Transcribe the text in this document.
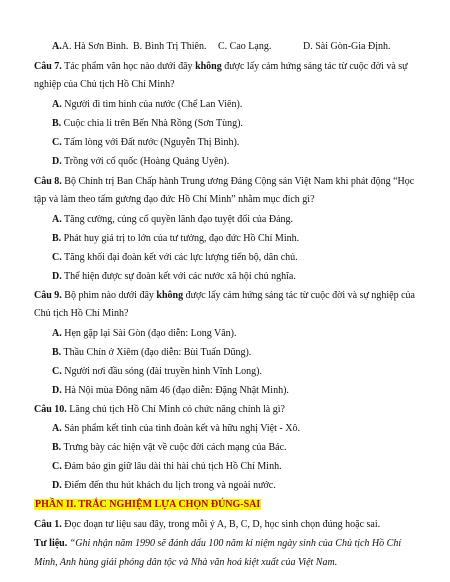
A.A. Hà Sơn Bình. B. Bình Trị Thiên. C. Cao Lạng.	D. Sài Gòn-Gia Định.
Câu 7. Tác phẩm văn học nào dưới đây không được lấy cảm hứng sáng tác từ cuộc đời và sự
nghiệp của Chủ tịch Hồ Chí Minh?
A. Người đi tìm hình của nước (Chế Lan Viên).
B. Cuộc chia li trên Bến Nhà Rồng (Sơn Tùng).
C. Tấm lòng với Đất nước (Nguyễn Thị Bình).
D. Trồng với cố quốc (Hoàng Quảng Uyên).
Câu 8. Bộ Chính trị Ban Chấp hành Trung ương Đảng Cộng sản Việt Nam khi phát động “Học
tập và làm theo tấm gương đạo đức Hồ Chí Minh” nhằm mục đích gì?
A. Tăng cường, củng cố quyền lãnh đạo tuyệt đối của Đảng.
B. Phát huy giá trị to lớn của tư tưởng, đạo đức Hồ Chí Minh.
C. Tăng khối đại đoàn kết với các lực lượng tiến bộ, dân chủ.
D. Thể hiện được sự đoàn kết với các nước xã hội chủ nghĩa.
Câu 9. Bộ phim nào dưới đây không được lấy cảm hứng sáng tác từ cuộc đời và sự nghiệp của
Chủ tịch Hồ Chí Minh?
A. Hẹn gặp lại Sài Gòn (đạo diễn: Long Vân).
B. Thầu Chín ở Xiêm (đạo diễn: Bùi Tuấn Dũng).
C. Người nơi đầu sóng (đài truyền hình Vĩnh Long).
D. Hà Nội mùa Đông năm 46 (đạo diễn: Đặng Nhật Minh).
Câu 10. Lăng chủ tịch Hồ Chí Minh có chức năng chính là gì?
A. Sản phẩm kết tinh của tình đoàn kết và hữu nghị Việt - Xô.
B. Trưng bày các hiện vật về cuộc đời cách mạng của Bác.
C. Đảm bảo gìn giữ lâu dài thi hài chủ tịch Hồ Chí Minh.
D. Điểm đến thu hút khách du lịch trong và ngoài nước.
PHẦN II. TRẮC NGHIỆM LỰA CHỌN ĐÚNG-SAI
Câu 1. Đọc đoạn tư liệu sau đây, trong mỗi ý A, B, C, D, học sinh chọn đúng hoặc sai.
Tư liệu. “Ghi nhận năm 1990 sẽ đánh dấu 100 năm kỉ niệm ngày sinh của Chủ tịch Hồ Chí
Minh, Anh hùng giải phóng dân tộc và Nhà văn hoá kiệt xuất của Việt Nam.
